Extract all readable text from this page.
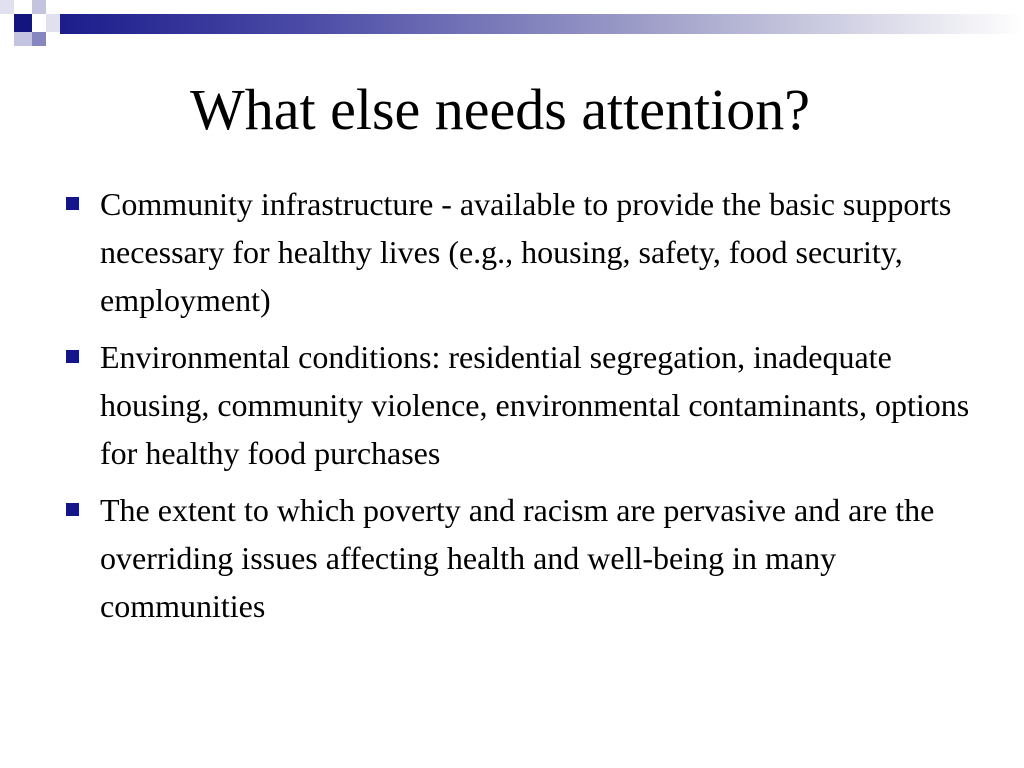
What else needs attention?
Community infrastructure - available to provide the basic supports necessary for healthy lives (e.g., housing, safety, food security, employment)
Environmental conditions: residential segregation, inadequate housing, community violence, environmental contaminants, options for healthy food purchases
The extent to which poverty and racism are pervasive and are the overriding issues affecting health and well-being in many communities
